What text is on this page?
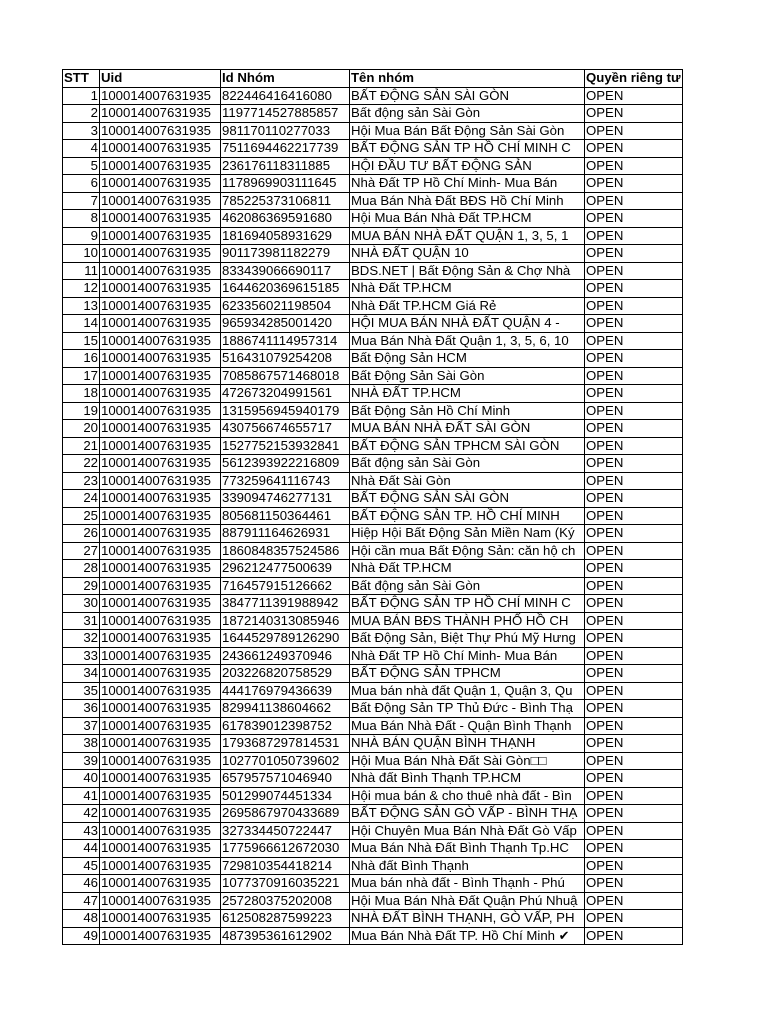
STT	Uid	Id Nhóm	Tên nhóm	Quyền riêng tư
1	100014007631935	822446416416080	BẤT ĐỘNG SẢN SÀI GÒN	OPEN
2	100014007631935	1197714527885857	Bất động sản Sài Gòn	OPEN
3	100014007631935	981170110277033	Hội Mua Bán Bất Động Sản Sài Gòn	OPEN
4	100014007631935	7511694462217739	BẤT ĐỘNG SẢN TP HỒ CHÍ MINH C	OPEN
5	100014007631935	236176118311885	HỘI ĐẦU TƯ BẤT ĐỘNG SẢN	OPEN
6	100014007631935	1178969903111645	Nhà Đất TP Hồ Chí Minh- Mua Bán	OPEN
7	100014007631935	785225373106811	Mua Bán Nhà Đất BĐS Hồ Chí Minh	OPEN
8	100014007631935	462086369591680	Hội Mua Bán Nhà Đất TP.HCM	OPEN
9	100014007631935	181694058931629	MUA BÁN NHÀ ĐẤT QUẬN 1, 3, 5, 1	OPEN
10	100014007631935	901173981182279	NHÀ ĐẤT QUẬN 10	OPEN
11	100014007631935	833439066690117	BDS.NET | Bất Động Sản & Chợ Nhà	OPEN
12	100014007631935	1644620369615185	Nhà Đất TP.HCM	OPEN
13	100014007631935	623356021198504	Nhà Đất TP.HCM Giá Rẻ	OPEN
14	100014007631935	965934285001420	HỘI MUA BÁN NHÀ ĐẤT QUẬN 4 -	OPEN
15	100014007631935	1886741114957314	Mua Bán Nhà Đất Quận 1, 3, 5, 6, 10	OPEN
16	100014007631935	516431079254208	Bất Động Sản HCM	OPEN
17	100014007631935	7085867571468018	Bất Động Sản Sài Gòn	OPEN
18	100014007631935	472673204991561	NHÀ ĐẤT TP.HCM	OPEN
19	100014007631935	1315956945940179	Bất Động Sản Hồ Chí Minh	OPEN
20	100014007631935	430756674655717	MUA BÁN NHÀ ĐẤT SÀI GÒN	OPEN
21	100014007631935	1527752153932841	BẤT ĐỘNG SẢN TPHCM SÀI GÒN	OPEN
22	100014007631935	5612393922216809	Bất động sản Sài Gòn	OPEN
23	100014007631935	773259641116743	Nhà Đất Sài Gòn	OPEN
24	100014007631935	339094746277131	BẤT ĐỘNG SẢN SÀI GÒN	OPEN
25	100014007631935	805681150364461	BẤT ĐỘNG SẢN TP. HỒ CHÍ MINH	OPEN
26	100014007631935	887911164626931	Hiệp Hội Bất Động Sản Miền Nam (Ký	OPEN
27	100014007631935	1860848357524586	Hội cần mua Bất Động Sản: căn hộ ch	OPEN
28	100014007631935	296212477500639	Nhà Đất TP.HCM	OPEN
29	100014007631935	716457915126662	Bất động sản Sài Gòn	OPEN
30	100014007631935	3847711391988942	BẤT ĐỘNG SẢN TP HỒ CHÍ MINH C	OPEN
31	100014007631935	1872140313085946	MUA BÁN BĐS THÀNH PHỐ HỒ CH	OPEN
32	100014007631935	1644529789126290	Bất Động Sản, Biệt Thự Phú Mỹ Hưng	OPEN
33	100014007631935	243661249370946	Nhà Đất TP Hồ Chí Minh- Mua Bán	OPEN
34	100014007631935	203226820758529	BẤT ĐỘNG SẢN TPHCM	OPEN
35	100014007631935	444176979436639	Mua bán nhà đất Quận 1, Quận 3, Qu	OPEN
36	100014007631935	829941138604662	Bất Động Sản TP Thủ Đức - Bình Thạ	OPEN
37	100014007631935	617839012398752	Mua Bán Nhà Đất - Quận Bình Thạnh	OPEN
38	100014007631935	1793687297814531	NHÀ BÁN QUẬN BÌNH THẠNH	OPEN
39	100014007631935	1027701050739602	Hội Mua Bán Nhà Đất Sài Gòn□□	OPEN
40	100014007631935	657957571046940	Nhà đất Bình Thạnh TP.HCM	OPEN
41	100014007631935	501299074451334	Hội mua bán & cho thuê nhà đất - Bìn	OPEN
42	100014007631935	2695867970433689	BẤT ĐỘNG SẢN GÒ VẤP - BÌNH THẠ	OPEN
43	100014007631935	327334450722447	Hội Chuyên Mua Bán Nhà Đất Gò Vấp	OPEN
44	100014007631935	1775966612672030	Mua Bán Nhà Đất Bình Thạnh Tp.HC	OPEN
45	100014007631935	729810354418214	Nhà đất Bình Thạnh	OPEN
46	100014007631935	1077370916035221	Mua bán nhà đất - Bình Thạnh - Phú	OPEN
47	100014007631935	257280375202008	Hội Mua Bán Nhà Đất Quận Phú Nhuậ	OPEN
48	100014007631935	612508287599223	NHÀ ĐẤT BÌNH THẠNH, GÒ VẤP, PH	OPEN
49	100014007631935	487395361612902	Mua Bán Nhà Đất TP. Hồ Chí Minh ✔	OPEN
